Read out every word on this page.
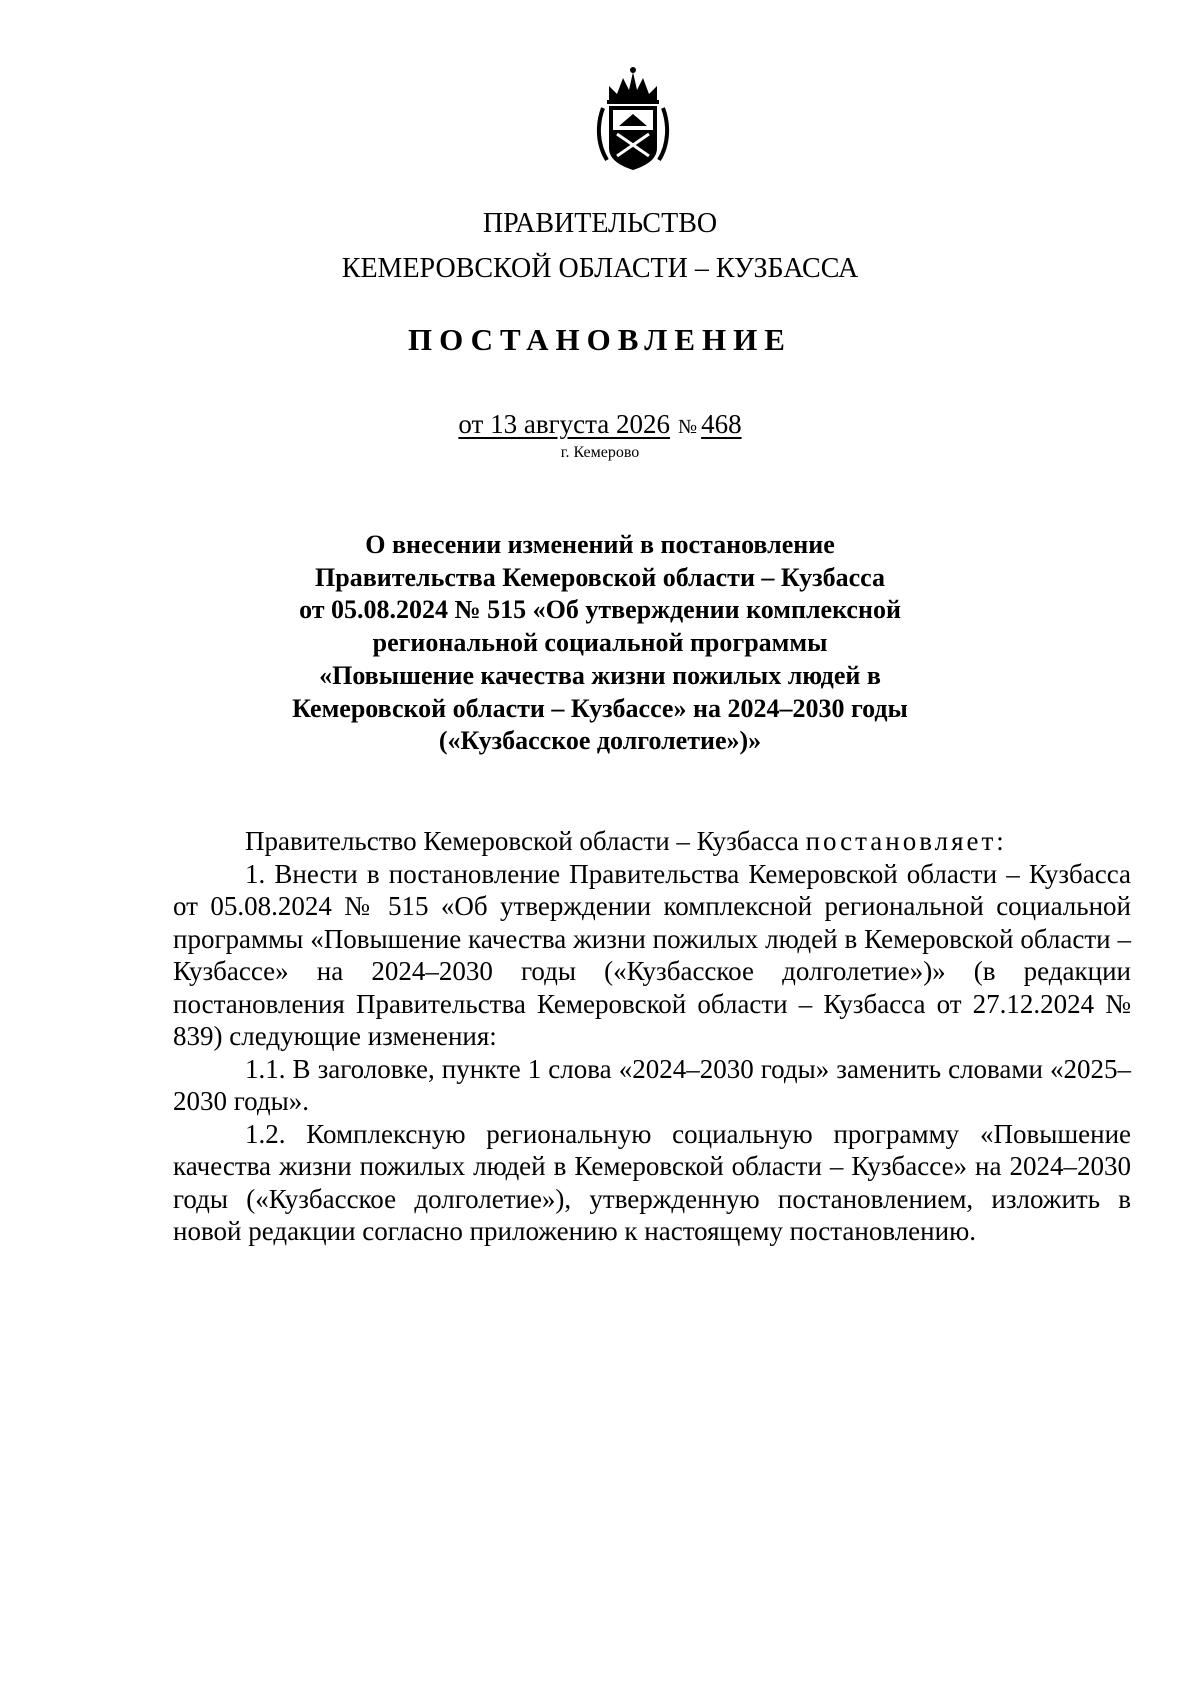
ПРАВИТЕЛЬСТВО
КЕМЕРОВСКОЙ ОБЛАСТИ – КУЗБАССА
ПОСТАНОВЛЕНИЕ
от 13 августа 2026 № 468
г. Кемерово
О внесении изменений в постановление
Правительства Кемеровской области – Кузбасса
от 05.08.2024 № 515 «Об утверждении комплексной
региональной социальной программы
«Повышение качества жизни пожилых людей в
Кемеровской области – Кузбассе» на 2024–2030 годы
(«Кузбасское долголетие»)»

Правительство Кемеровской области – Кузбасса постановляет:

1. Внести в постановление Правительства Кемеровской области – Кузбасса от 05.08.2024 № 515 «Об утверждении комплексной региональной социальной программы «Повышение качества жизни пожилых людей в Кемеровской области – Кузбассе» на 2024–2030 годы («Кузбасское долголетие»)» (в редакции постановления Правительства Кемеровской области – Кузбасса от 27.12.2024 № 839) следующие изменения:

1.1. В заголовке, пункте 1 слова «2024–2030 годы» заменить словами «2025–2030 годы».

1.2. Комплексную региональную социальную программу «Повышение качества жизни пожилых людей в Кемеровской области – Кузбассе» на 2024–2030 годы («Кузбасское долголетие»), утвержденную постановлением, изложить в новой редакции согласно приложению к настоящему постановлению.
